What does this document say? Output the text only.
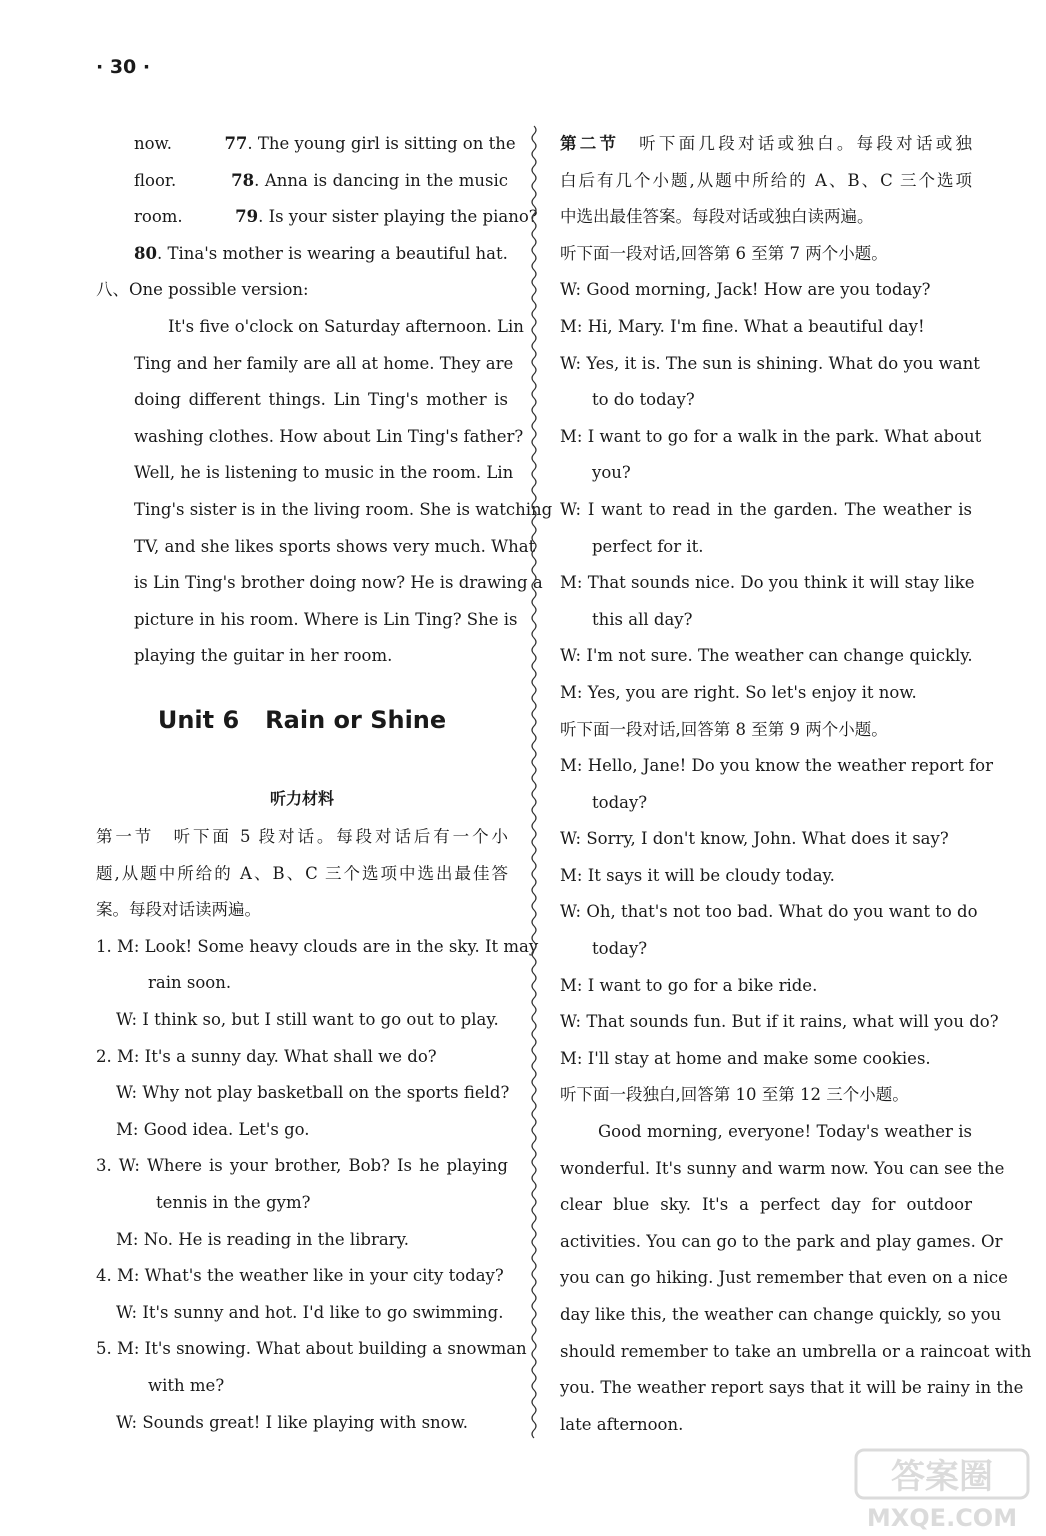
· 30 ·
now.	77. The young girl is sitting on the
floor.	78. Anna is dancing in the music
room.	79. Is your sister playing the piano?
80. Tina's mother is wearing a beautiful hat.
八、One possible version:
It's five o'clock on Saturday afternoon. Lin
Ting and her family are all at home. They are
doing different things. Lin Ting's mother is
washing clothes. How about Lin Ting's father?
Well, he is listening to music in the room. Lin
Ting's sister is in the living room. She is watching
TV, and she likes sports shows very much. What
is Lin Ting's brother doing now? He is drawing a
picture in his room. Where is Lin Ting? She is
playing the guitar in her room.
Unit 6 Rain or Shine
听力材料
第一节　听下面 5 段对话。每段对话后有一个小
题,从题中所给的 A、B、C 三个选项中选出最佳答
案。每段对话读两遍。
1. M: Look! Some heavy clouds are in the sky. It may
rain soon.
W: I think so, but I still want to go out to play.
2. M: It's a sunny day. What shall we do?
W: Why not play basketball on the sports field?
M: Good idea. Let's go.
3. W: Where is your brother, Bob? Is he playing
tennis in the gym?
M: No. He is reading in the library.
4. M: What's the weather like in your city today?
W: It's sunny and hot. I'd like to go swimming.
5. M: It's snowing. What about building a snowman
with me?
W: Sounds great! I like playing with snow.
第二节　听下面几段对话或独白。每段对话或独
白后有几个小题,从题中所给的 A、B、C 三个选项
中选出最佳答案。每段对话或独白读两遍。
听下面一段对话,回答第 6 至第 7 两个小题。
W: Good morning, Jack! How are you today?
M: Hi, Mary. I'm fine. What a beautiful day!
W: Yes, it is. The sun is shining. What do you want
to do today?
M: I want to go for a walk in the park. What about
you?
W: I want to read in the garden. The weather is
perfect for it.
M: That sounds nice. Do you think it will stay like
this all day?
W: I'm not sure. The weather can change quickly.
M: Yes, you are right. So let's enjoy it now.
听下面一段对话,回答第 8 至第 9 两个小题。
M: Hello, Jane! Do you know the weather report for
today?
W: Sorry, I don't know, John. What does it say?
M: It says it will be cloudy today.
W: Oh, that's not too bad. What do you want to do
today?
M: I want to go for a bike ride.
W: That sounds fun. But if it rains, what will you do?
M: I'll stay at home and make some cookies.
听下面一段独白,回答第 10 至第 12 三个小题。
Good morning, everyone! Today's weather is
wonderful. It's sunny and warm now. You can see the
clear blue sky. It's a perfect day for outdoor
activities. You can go to the park and play games. Or
you can go hiking. Just remember that even on a nice
day like this, the weather can change quickly, so you
should remember to take an umbrella or a raincoat with
you. The weather report says that it will be rainy in the
late afternoon.
答案圈
MXQE.COM
